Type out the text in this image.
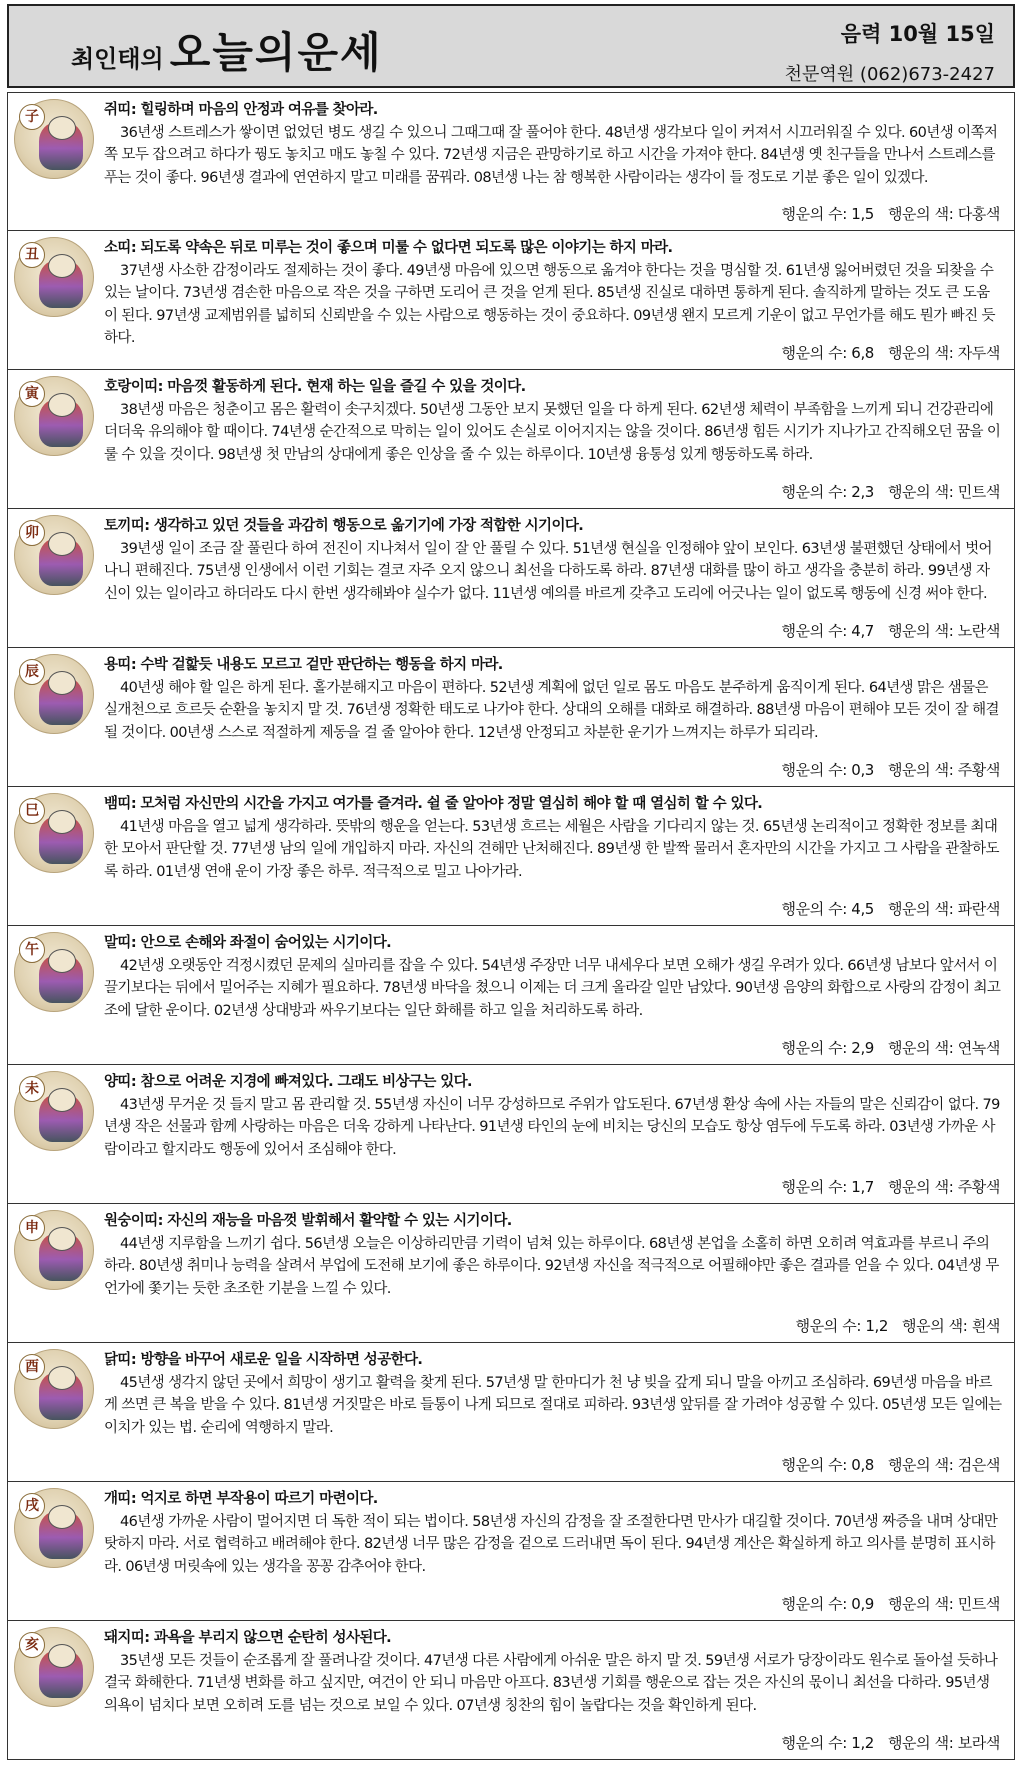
최인태의 오늘의운세	음력 10월 15일
천문역원 (062)673-2427
子	쥐띠: 힐링하며 마음의 안정과 여유를 찾아라.
36년생 스트레스가 쌓이면 없었던 병도 생길 수 있으니 그때그때 잘 풀어야 한다. 48년생 생각보다 일이 커져서 시끄러워질 수 있다. 60년생 이쪽저쪽 모두 잡으려고 하다가 꿩도 놓치고 매도 놓칠 수 있다. 72년생 지금은 관망하기로 하고 시간을 가져야 한다. 84년생 옛 친구들을 만나서 스트레스를 푸는 것이 좋다. 96년생 결과에 연연하지 말고 미래를 꿈꿔라. 08년생 나는 참 행복한 사람이라는 생각이 들 정도로 기분 좋은 일이 있겠다.
행운의 수: 1,5 행운의 색: 다홍색
丑	소띠: 되도록 약속은 뒤로 미루는 것이 좋으며 미룰 수 없다면 되도록 많은 이야기는 하지 마라.
37년생 사소한 감정이라도 절제하는 것이 좋다. 49년생 마음에 있으면 행동으로 옮겨야 한다는 것을 명심할 것. 61년생 잃어버렸던 것을 되찾을 수 있는 날이다. 73년생 겸손한 마음으로 작은 것을 구하면 도리어 큰 것을 얻게 된다. 85년생 진실로 대하면 통하게 된다. 솔직하게 말하는 것도 큰 도움이 된다. 97년생 교제범위를 넓히되 신뢰받을 수 있는 사람으로 행동하는 것이 중요하다. 09년생 왠지 모르게 기운이 없고 무언가를 해도 뭔가 빠진 듯하다.
행운의 수: 6,8 행운의 색: 자두색
寅	호랑이띠: 마음껏 활동하게 된다. 현재 하는 일을 즐길 수 있을 것이다.
38년생 마음은 청춘이고 몸은 활력이 솟구치겠다. 50년생 그동안 보지 못했던 일을 다 하게 된다. 62년생 체력이 부족함을 느끼게 되니 건강관리에 더더욱 유의해야 할 때이다. 74년생 순간적으로 막히는 일이 있어도 손실로 이어지지는 않을 것이다. 86년생 힘든 시기가 지나가고 간직해오던 꿈을 이룰 수 있을 것이다. 98년생 첫 만남의 상대에게 좋은 인상을 줄 수 있는 하루이다. 10년생 융통성 있게 행동하도록 하라.
행운의 수: 2,3 행운의 색: 민트색
卯	토끼띠: 생각하고 있던 것들을 과감히 행동으로 옮기기에 가장 적합한 시기이다.
39년생 일이 조금 잘 풀린다 하여 전진이 지나쳐서 일이 잘 안 풀릴 수 있다. 51년생 현실을 인정해야 앞이 보인다. 63년생 불편했던 상태에서 벗어나니 편해진다. 75년생 인생에서 이런 기회는 결코 자주 오지 않으니 최선을 다하도록 하라. 87년생 대화를 많이 하고 생각을 충분히 하라. 99년생 자신이 있는 일이라고 하더라도 다시 한번 생각해봐야 실수가 없다. 11년생 예의를 바르게 갖추고 도리에 어긋나는 일이 없도록 행동에 신경 써야 한다.
행운의 수: 4,7 행운의 색: 노란색
辰	용띠: 수박 겉핥듯 내용도 모르고 겉만 판단하는 행동을 하지 마라.
40년생 해야 할 일은 하게 된다. 홀가분해지고 마음이 편하다. 52년생 계획에 없던 일로 몸도 마음도 분주하게 움직이게 된다. 64년생 맑은 샘물은 실개천으로 흐르듯 순환을 놓치지 말 것. 76년생 정확한 태도로 나가야 한다. 상대의 오해를 대화로 해결하라. 88년생 마음이 편해야 모든 것이 잘 해결될 것이다. 00년생 스스로 적절하게 제동을 걸 줄 알아야 한다. 12년생 안정되고 차분한 운기가 느껴지는 하루가 되리라.
행운의 수: 0,3 행운의 색: 주황색
巳	뱀띠: 모처럼 자신만의 시간을 가지고 여가를 즐겨라. 쉴 줄 알아야 정말 열심히 해야 할 때 열심히 할 수 있다.
41년생 마음을 열고 넓게 생각하라. 뜻밖의 행운을 얻는다. 53년생 흐르는 세월은 사람을 기다리지 않는 것. 65년생 논리적이고 정확한 정보를 최대한 모아서 판단할 것. 77년생 남의 일에 개입하지 마라. 자신의 견해만 난처해진다. 89년생 한 발짝 물러서 혼자만의 시간을 가지고 그 사람을 관찰하도록 하라. 01년생 연애 운이 가장 좋은 하루. 적극적으로 밀고 나아가라.
행운의 수: 4,5 행운의 색: 파란색
午	말띠: 안으로 손해와 좌절이 숨어있는 시기이다.
42년생 오랫동안 걱정시켰던 문제의 실마리를 잡을 수 있다. 54년생 주장만 너무 내세우다 보면 오해가 생길 우려가 있다. 66년생 남보다 앞서서 이끌기보다는 뒤에서 밀어주는 지혜가 필요하다. 78년생 바닥을 쳤으니 이제는 더 크게 올라갈 일만 남았다. 90년생 음양의 화합으로 사랑의 감정이 최고조에 달한 운이다. 02년생 상대방과 싸우기보다는 일단 화해를 하고 일을 처리하도록 하라.
행운의 수: 2,9 행운의 색: 연녹색
未	양띠: 참으로 어려운 지경에 빠져있다. 그래도 비상구는 있다.
43년생 무거운 것 들지 말고 몸 관리할 것. 55년생 자신이 너무 강성하므로 주위가 압도된다. 67년생 환상 속에 사는 자들의 말은 신뢰감이 없다. 79년생 작은 선물과 함께 사랑하는 마음은 더욱 강하게 나타난다. 91년생 타인의 눈에 비치는 당신의 모습도 항상 염두에 두도록 하라. 03년생 가까운 사람이라고 할지라도 행동에 있어서 조심해야 한다.
행운의 수: 1,7 행운의 색: 주황색
申	원숭이띠: 자신의 재능을 마음껏 발휘해서 활약할 수 있는 시기이다.
44년생 지루함을 느끼기 쉽다. 56년생 오늘은 이상하리만큼 기력이 넘쳐 있는 하루이다. 68년생 본업을 소홀히 하면 오히려 역효과를 부르니 주의하라. 80년생 취미나 능력을 살려서 부업에 도전해 보기에 좋은 하루이다. 92년생 자신을 적극적으로 어필해야만 좋은 결과를 얻을 수 있다. 04년생 무언가에 쫓기는 듯한 초조한 기분을 느낄 수 있다.
행운의 수: 1,2 행운의 색: 흰색
酉	닭띠: 방향을 바꾸어 새로운 일을 시작하면 성공한다.
45년생 생각지 않던 곳에서 희망이 생기고 활력을 찾게 된다. 57년생 말 한마디가 천 냥 빚을 갚게 되니 말을 아끼고 조심하라. 69년생 마음을 바르게 쓰면 큰 복을 받을 수 있다. 81년생 거짓말은 바로 들통이 나게 되므로 절대로 피하라. 93년생 앞뒤를 잘 가려야 성공할 수 있다. 05년생 모든 일에는 이치가 있는 법. 순리에 역행하지 말라.
행운의 수: 0,8 행운의 색: 검은색
戌	개띠: 억지로 하면 부작용이 따르기 마련이다.
46년생 가까운 사람이 멀어지면 더 독한 적이 되는 법이다. 58년생 자신의 감정을 잘 조절한다면 만사가 대길할 것이다. 70년생 짜증을 내며 상대만 탓하지 마라. 서로 협력하고 배려해야 한다. 82년생 너무 많은 감정을 겉으로 드러내면 독이 된다. 94년생 계산은 확실하게 하고 의사를 분명히 표시하라. 06년생 머릿속에 있는 생각을 꽁꽁 감추어야 한다.
행운의 수: 0,9 행운의 색: 민트색
亥	돼지띠: 과욕을 부리지 않으면 순탄히 성사된다.
35년생 모든 것들이 순조롭게 잘 풀려나갈 것이다. 47년생 다른 사람에게 아쉬운 말은 하지 말 것. 59년생 서로가 당장이라도 원수로 돌아설 듯하나 결국 화해한다. 71년생 변화를 하고 싶지만, 여건이 안 되니 마음만 아프다. 83년생 기회를 행운으로 잡는 것은 자신의 몫이니 최선을 다하라. 95년생 의욕이 넘치다 보면 오히려 도를 넘는 것으로 보일 수 있다. 07년생 칭찬의 힘이 놀랍다는 것을 확인하게 된다.
행운의 수: 1,2 행운의 색: 보라색
